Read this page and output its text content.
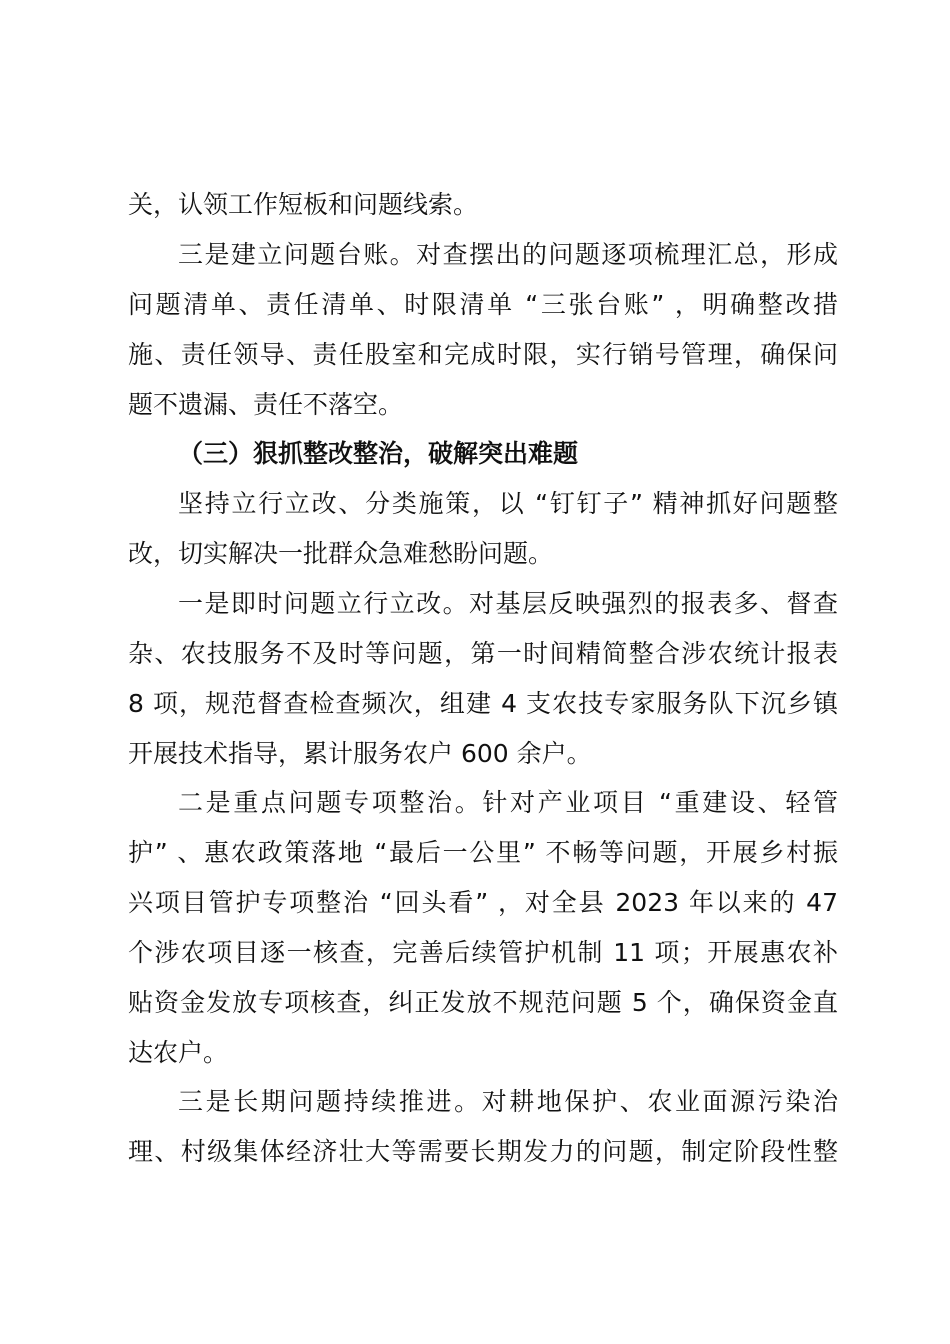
关，认领工作短板和问题线索。
三是建立问题台账。对查摆出的问题逐项梳理汇总，形成
问题清单、责任清单、时限清单 “三张台账” ，明确整改措
施、责任领导、责任股室和完成时限，实行销号管理，确保问
题不遗漏、责任不落空。
（三）狠抓整改整治，破解突出难题
坚持立行立改、分类施策，以 “钉钉子” 精神抓好问题整
改，切实解决一批群众急难愁盼问题。
一是即时问题立行立改。对基层反映强烈的报表多、督查
杂、农技服务不及时等问题，第一时间精简整合涉农统计报表
8 项，规范督查检查频次，组建 4 支农技专家服务队下沉乡镇
开展技术指导，累计服务农户 600 余户。
二是重点问题专项整治。针对产业项目 “重建设、轻管
护” 、惠农政策落地 “最后一公里” 不畅等问题，开展乡村振
兴项目管护专项整治 “回头看” ，对全县 2023 年以来的 47
个涉农项目逐一核查，完善后续管护机制 11 项；开展惠农补
贴资金发放专项核查，纠正发放不规范问题 5 个，确保资金直
达农户。
三是长期问题持续推进。对耕地保护、农业面源污染治
理、村级集体经济壮大等需要长期发力的问题，制定阶段性整
